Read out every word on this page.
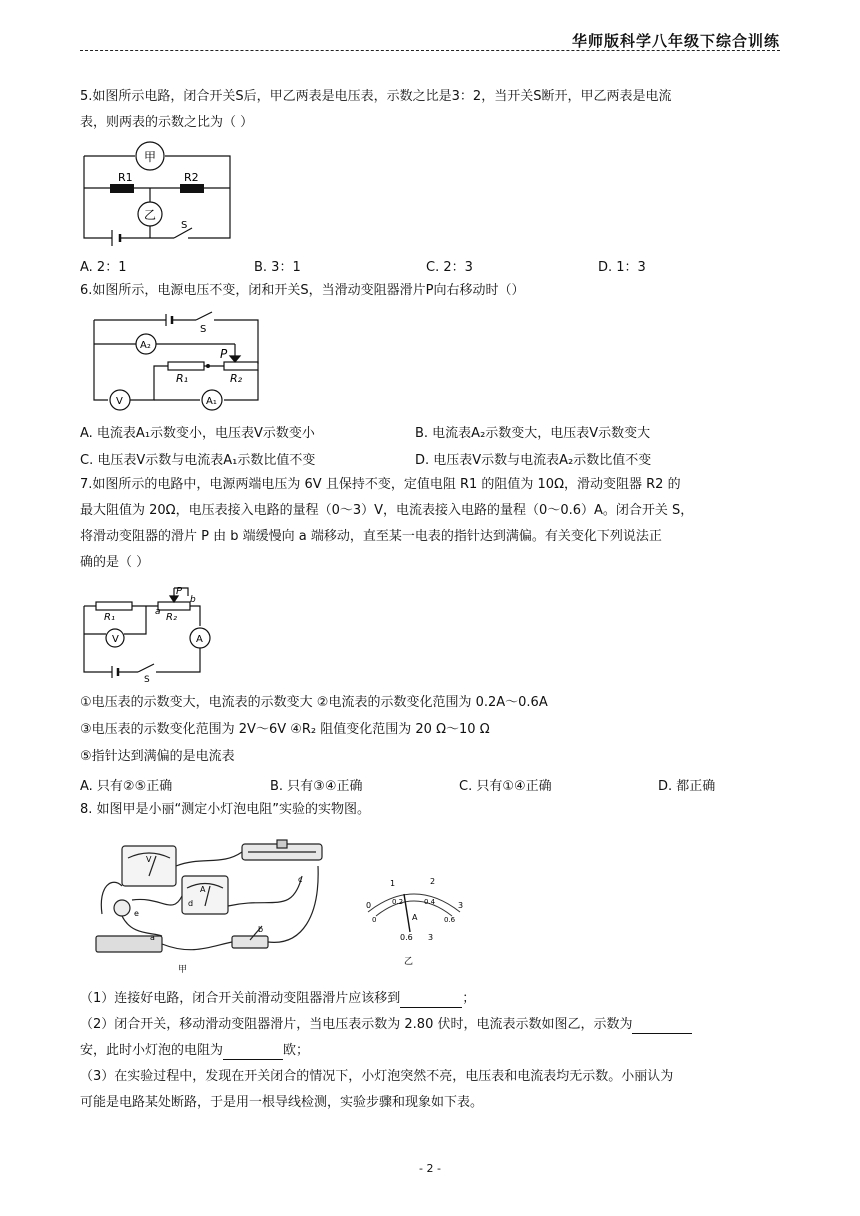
华师版科学八年级下综合训练
5.如图所示电路，闭合开关S后，甲乙两表是电压表，示数之比是3：2，当开关S断开，甲乙两表是电流
表，则两表的示数之比为（ ）
甲
乙
R1	R2
S
A. 2：1	B. 3：1	C. 2：3	D. 1：3
6.如图所示，电源电压不变，闭和开关S，当滑动变阻器滑片P向右移动时（）
A₂
V	A₁
R₁	R₂
P
S
A. 电流表A₁示数变小，电压表V示数变小	B. 电流表A₂示数变大，电压表V示数变大
C. 电压表V示数与电流表A₁示数比值不变	D. 电压表V示数与电流表A₂示数比值不变
7.如图所示的电路中，电源两端电压为 6V 且保持不变，定值电阻 R1 的阻值为 10Ω，滑动变阻器 R2 的
最大阻值为 20Ω，电压表接入电路的量程（0～3）V，电流表接入电路的量程（0～0.6）A。闭合开关 S，
将滑动变阻器的滑片 P 由 b 端缓慢向 a 端移动，直至某一电表的指针达到满偏。有关变化下列说法正
确的是（ ）
R₁	R₂
P
a
b
V	A
S
①电压表的示数变大，电流表的示数变大 ②电流表的示数变化范围为 0.2A～0.6A
③电压表的示数变化范围为 2V～6V ④R₂ 阻值变化范围为 20 Ω～10 Ω
⑤指针达到满偏的是电流表
A. 只有②⑤正确	B. 只有③④正确	C. 只有①④正确	D. 都正确
8. 如图甲是小丽“测定小灯泡电阻”实验的实物图。
V
A
a
b
c
d
e
甲
0
1	2
3
0
0.2	0.4
0.6
A
0.6 3
乙
（1）连接好电路，闭合开关前滑动变阻器滑片应该移到	；
（2）闭合开关，移动滑动变阻器滑片，当电压表示数为 2.80 伏时，电流表示数如图乙，示数为
安，此时小灯泡的电阻为	欧；
（3）在实验过程中，发现在开关闭合的情况下，小灯泡突然不亮，电压表和电流表均无示数。小丽认为
可能是电路某处断路，于是用一根导线检测，实验步骤和现象如下表。
- 2 -
